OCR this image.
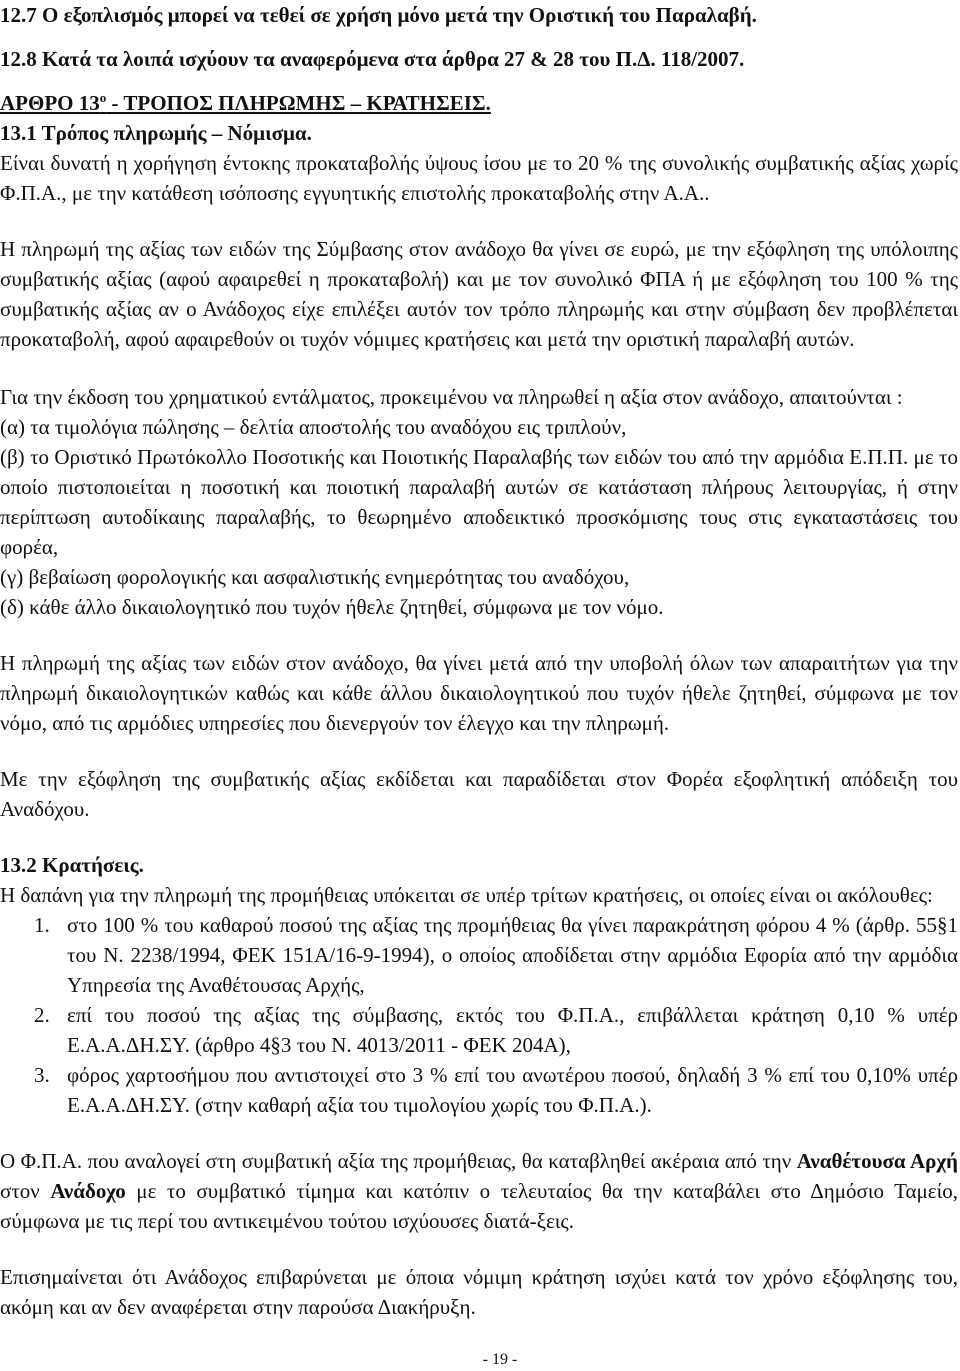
12.7 Ο εξοπλισμός μπορεί να τεθεί σε χρήση μόνο μετά την Οριστική του Παραλαβή.

12.8 Κατά τα λοιπά ισχύουν τα αναφερόμενα στα άρθρα 27 & 28 του Π.Δ. 118/2007.

ΑΡΘΡΟ $13^o$ - ΤΡΟΠΟΣ ΠΛΗΡΩΜΗΣ – ΚΡΑΤΗΣΕΙΣ.

13.1 Τρόπος πληρωμής – Νόμισμα.

Είναι δυνατή η χορήγηση έντοκης προκαταβολής ύψους ίσου με το 20 % της συνολικής συμβατικής αξίας χωρίς Φ.Π.Α., με την κατάθεση ισόποσης εγγυητικής επιστολής προκαταβολής στην Α.Α..

Η πληρωμή της αξίας των ειδών της Σύμβασης στον ανάδοχο θα γίνει σε ευρώ, με την εξόφληση της υπόλοιπης συμβατικής αξίας (αφού αφαιρεθεί η προκαταβολή) και με τον συνολικό ΦΠΑ ή με εξόφληση του 100 % της συμβατικής αξίας αν ο Ανάδοχος είχε επιλέξει αυτόν τον τρόπο πληρωμής και στην σύμβαση δεν προβλέπεται προκαταβολή, αφού αφαιρεθούν οι τυχόν νόμιμες κρατήσεις και μετά την οριστική παραλαβή αυτών.

Για την έκδοση του χρηματικού εντάλματος, προκειμένου να πληρωθεί η αξία στον ανάδοχο, απαιτούνται :

(α) τα τιμολόγια πώλησης – δελτία αποστολής του αναδόχου εις τριπλούν,

(β) το Οριστικό Πρωτόκολλο Ποσοτικής και Ποιοτικής Παραλαβής των ειδών του από την αρμόδια Ε.Π.Π. με το οποίο πιστοποιείται η ποσοτική και ποιοτική παραλαβή αυτών σε κατάσταση πλήρους λειτουργίας, ή στην περίπτωση αυτοδίκαιης παραλαβής, το θεωρημένο αποδεικτικό προσκόμισης τους στις εγκαταστάσεις του φορέα,

(γ) βεβαίωση φορολογικής και ασφαλιστικής ενημερότητας του αναδόχου,

(δ) κάθε άλλο δικαιολογητικό που τυχόν ήθελε ζητηθεί, σύμφωνα με τον νόμο.

Η πληρωμή της αξίας των ειδών στον ανάδοχο, θα γίνει μετά από την υποβολή όλων των απαραιτήτων για την πληρωμή δικαιολογητικών καθώς και κάθε άλλου δικαιολογητικού που τυχόν ήθελε ζητηθεί, σύμφωνα με τον νόμο, από τις αρμόδιες υπηρεσίες που διενεργούν τον έλεγχο και την πληρωμή.

Με την εξόφληση της συμβατικής αξίας εκδίδεται και παραδίδεται στον Φορέα εξοφλητική απόδειξη του Αναδόχου.

13.2 Κρατήσεις.

Η δαπάνη για την πληρωμή της προμήθειας υπόκειται σε υπέρ τρίτων κρατήσεις, οι οποίες είναι οι ακόλουθες:

1. στο 100 % του καθαρού ποσού της αξίας της προμήθειας θα γίνει παρακράτηση φόρου 4 % (άρθρ. 55§1 του Ν. 2238/1994, ΦΕΚ 151Α/16-9-1994), ο οποίος αποδίδεται στην αρμόδια Εφορία από την αρμόδια Υπηρεσία της Αναθέτουσας Αρχής,
2. επί του ποσού της αξίας της σύμβασης, εκτός του Φ.Π.Α., επιβάλλεται κράτηση 0,10 % υπέρ Ε.Α.Α.ΔΗ.ΣΥ. (άρθρο 4§3 του Ν. 4013/2011 - ΦΕΚ 204Α),
3. φόρος χαρτοσήμου που αντιστοιχεί στο 3 % επί του ανωτέρου ποσού, δηλαδή 3 % επί του 0,10% υπέρ Ε.Α.Α.ΔΗ.ΣΥ. (στην καθαρή αξία του τιμολογίου χωρίς του Φ.Π.Α.).

Ο Φ.Π.Α. που αναλογεί στη συμβατική αξία της προμήθειας, θα καταβληθεί ακέραια από την Αναθέτουσα Αρχή στον Ανάδοχο με το συμβατικό τίμημα και κατόπιν ο τελευταίος θα την καταβάλει στο Δημόσιο Ταμείο, σύμφωνα με τις περί του αντικειμένου τούτου ισχύουσες διατά-ξεις.

Επισημαίνεται ότι Ανάδοχος επιβαρύνεται με όποια νόμιμη κράτηση ισχύει κατά τον χρόνο εξόφλησης του, ακόμη και αν δεν αναφέρεται στην παρούσα Διακήρυξη.

- 19 -
